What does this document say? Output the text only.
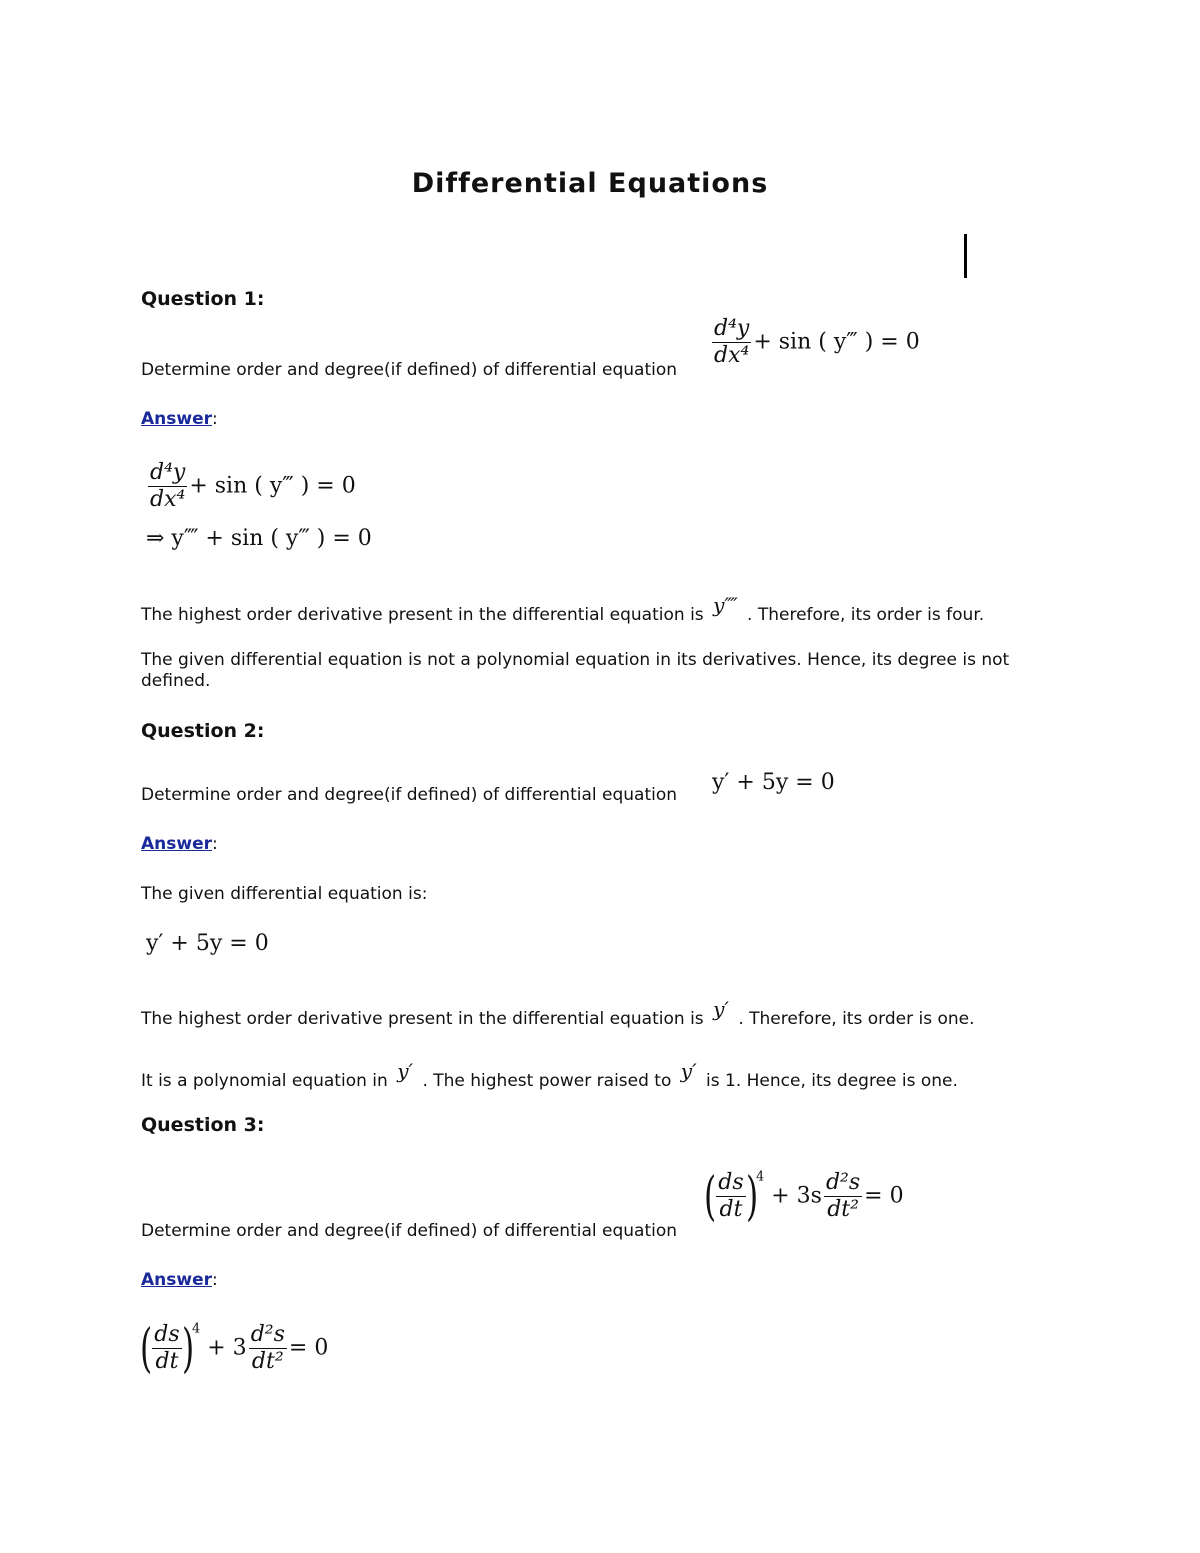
Differential Equations
Question 1:
Determine order and degree(if defined) of differential equation
$\frac{\text{d⁴y}}{\text{dx⁴}} + \sin$ ( y‴ ) = 0
Answer:
$\frac{\text{d⁴y}}{\text{dx⁴}} + \sin$ ( y‴ ) = 0
⇒ y⁗ + sin ( y‴ ) = 0
The highest order derivative present in the differential equation is y⁗ . Therefore, its order is four.
The given differential equation is not a polynomial equation in its derivatives. Hence, its degree is not defined.
Question 2:
Determine order and degree(if defined) of differential equation y′ + 5y = 0
Answer:
The given differential equation is:
y′ + 5y = 0
The highest order derivative present in the differential equation is y′ . Therefore, its order is one.
It is a polynomial equation in y′ . The highest power raised to y′ is 1. Hence, its degree is one.
Question 3:
Determine order and degree(if defined) of differential equation
( $\frac{ds}{dt} )^4 + 3s \frac{\text{d²s}}{\text{dt²}} = 0$
Answer:
( $\frac{ds}{dt} )^4 + 3 \frac{\text{d²s}}{\text{dt²}} = 0$
